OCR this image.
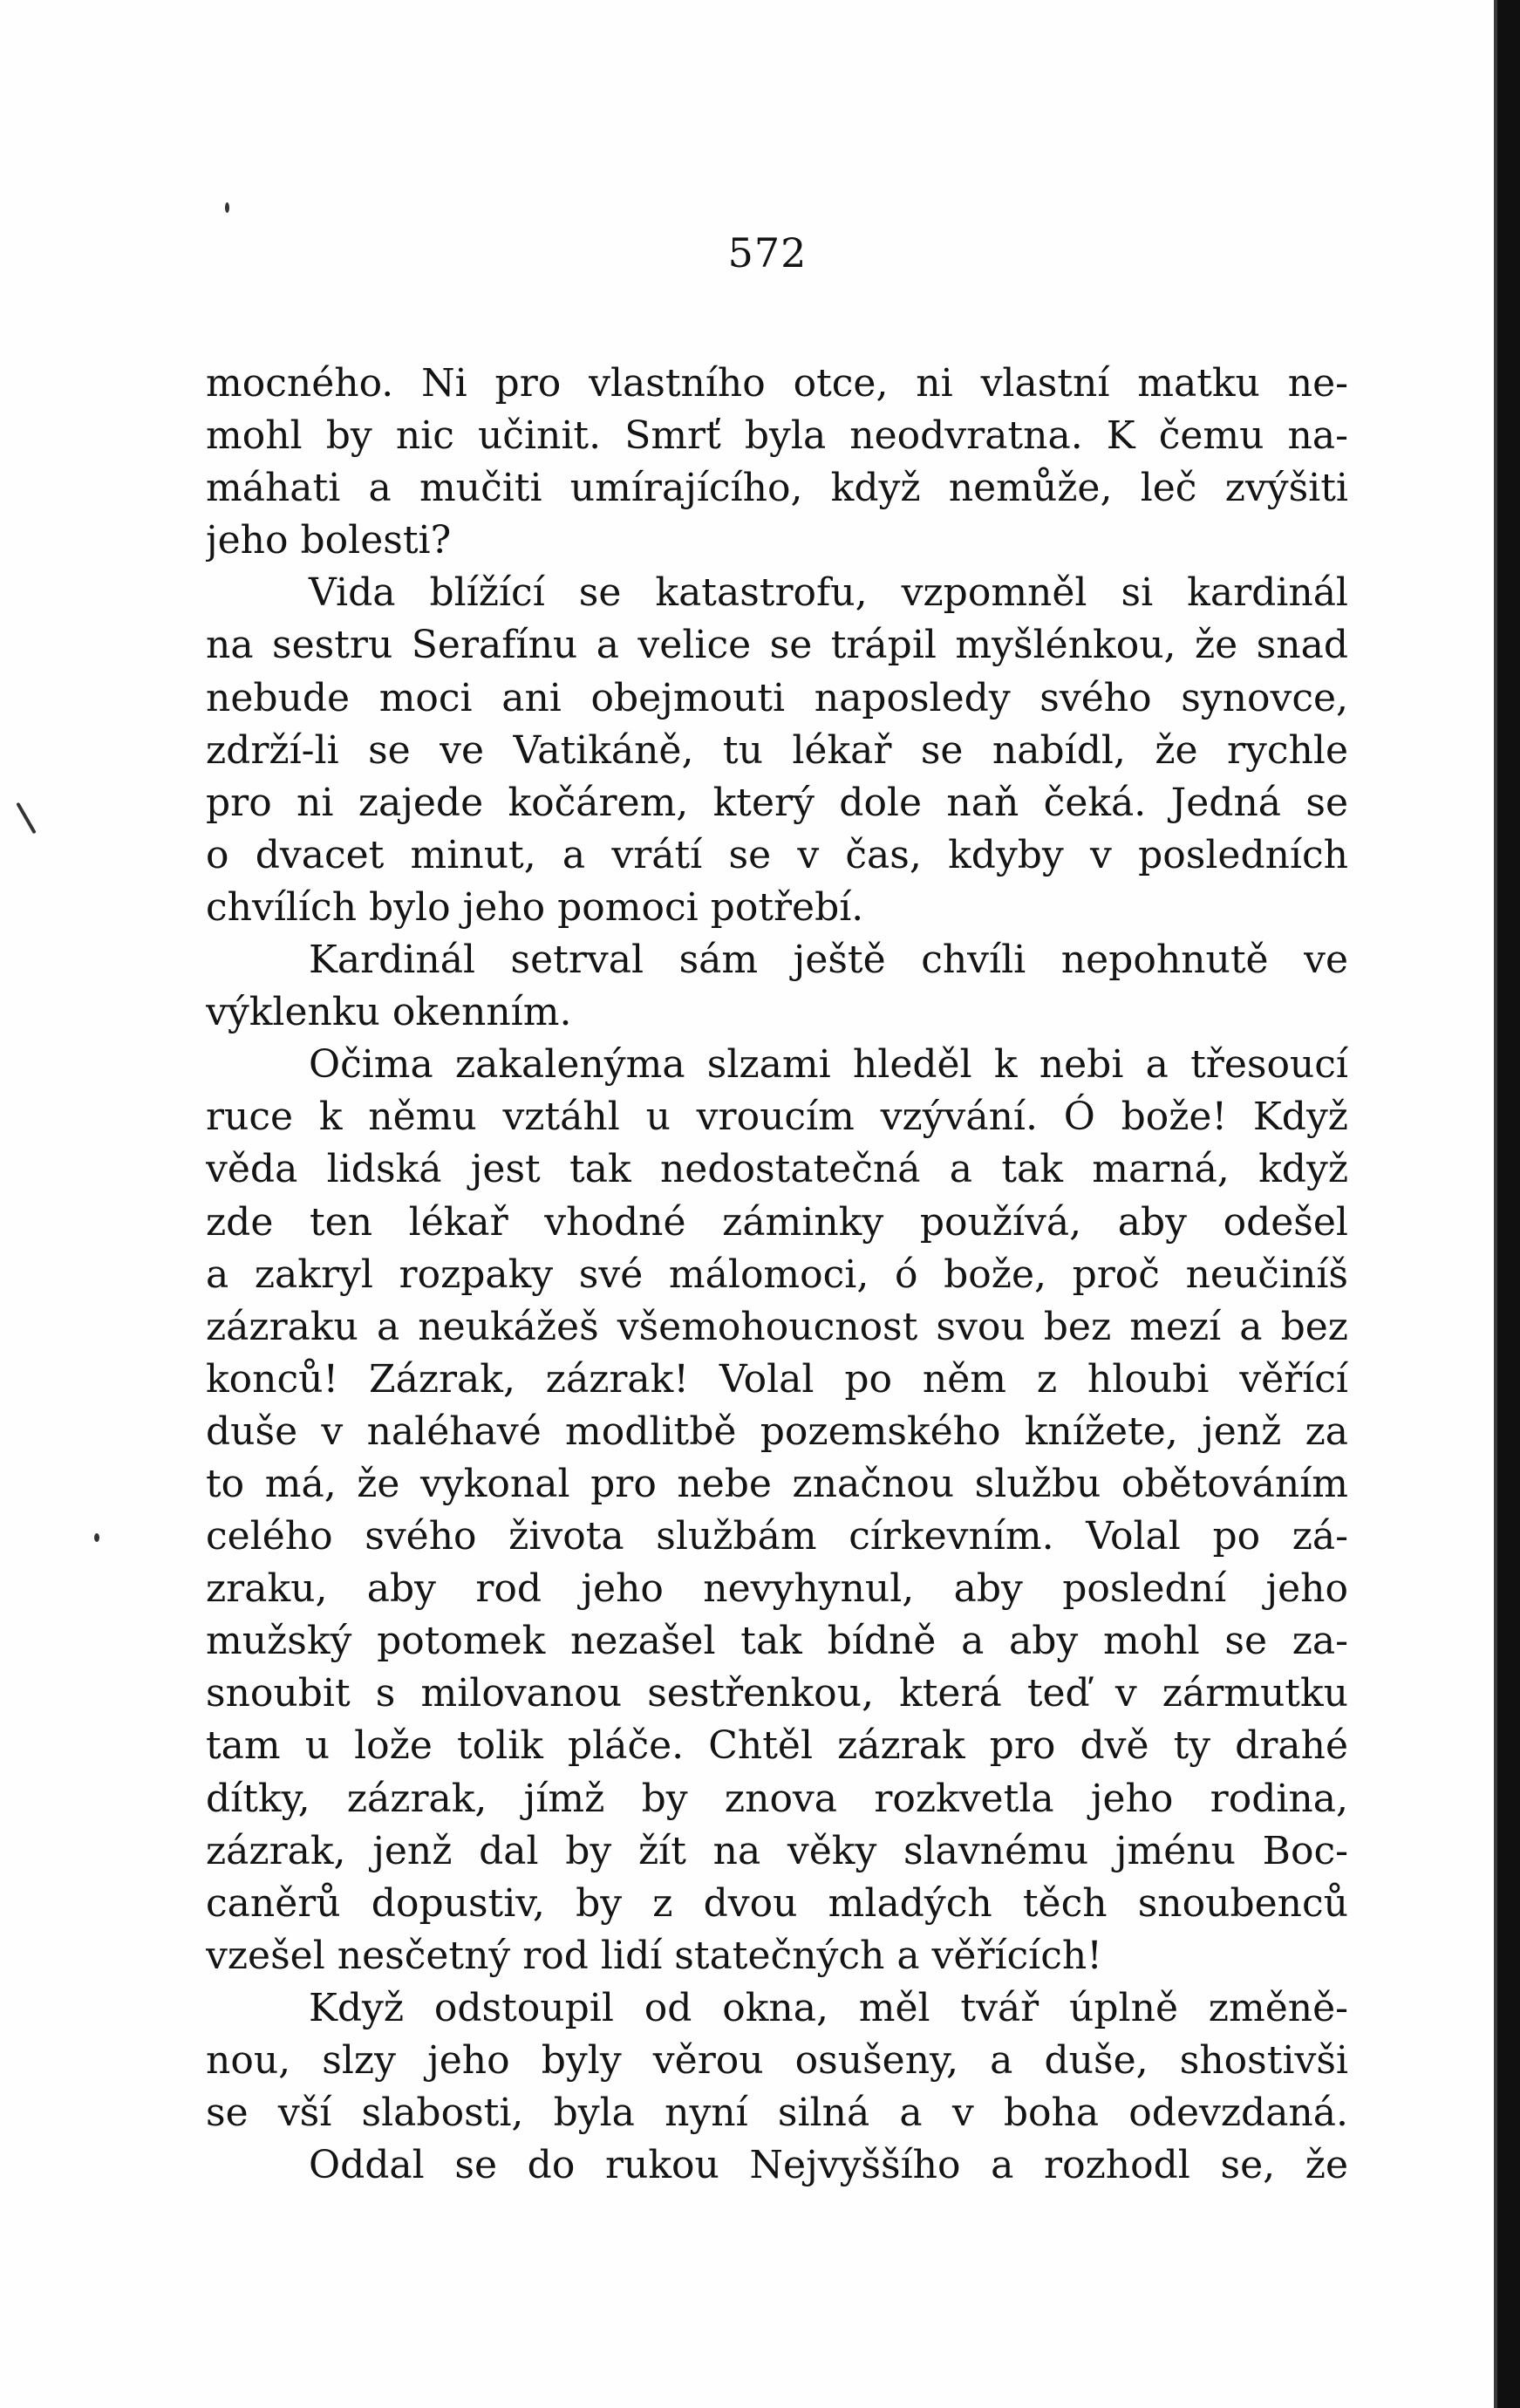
572
mocného. Ni pro vlastního otce, ni vlastní matku ne-
mohl by nic učinit. Smrť byla neodvratna. K čemu na-
máhati a mučiti umírajícího, když nemůže, leč zvýšiti
jeho bolesti?
Vida blížící se katastrofu, vzpomněl si kardinál
na sestru Serafínu a velice se trápil myšlénkou, že snad
nebude moci ani obejmouti naposledy svého synovce,
zdrží-li se ve Vatikáně, tu lékař se nabídl, že rychle
pro ni zajede kočárem, který dole naň čeká. Jedná se
o dvacet minut, a vrátí se v čas, kdyby v posledních
chvílích bylo jeho pomoci potřebí.
Kardinál setrval sám ještě chvíli nepohnutě ve
výklenku okenním.
Očima zakalenýma slzami hleděl k nebi a třesoucí
ruce k němu vztáhl u vroucím vzývání. Ó bože! Když
věda lidská jest tak nedostatečná a tak marná, když
zde ten lékař vhodné záminky používá, aby odešel
a zakryl rozpaky své málomoci, ó bože, proč neučiníš
zázraku a neukážeš všemohoucnost svou bez mezí a bez
konců! Zázrak, zázrak! Volal po něm z hloubi věřící
duše v naléhavé modlitbě pozemského knížete, jenž za
to má, že vykonal pro nebe značnou službu obětováním
celého svého života službám církevním. Volal po zá-
zraku, aby rod jeho nevyhynul, aby poslední jeho
mužský potomek nezašel tak bídně a aby mohl se za-
snoubit s milovanou sestřenkou, která teď v zármutku
tam u lože tolik pláče. Chtěl zázrak pro dvě ty drahé
dítky, zázrak, jímž by znova rozkvetla jeho rodina,
zázrak, jenž dal by žít na věky slavnému jménu Boc-
caněrů dopustiv, by z dvou mladých těch snoubenců
vzešel nesčetný rod lidí statečných a věřících!
Když odstoupil od okna, měl tvář úplně změně-
nou, slzy jeho byly věrou osušeny, a duše, shostivši
se vší slabosti, byla nyní silná a v boha odevzdaná.
Oddal se do rukou Nejvyššího a rozhodl se, že
